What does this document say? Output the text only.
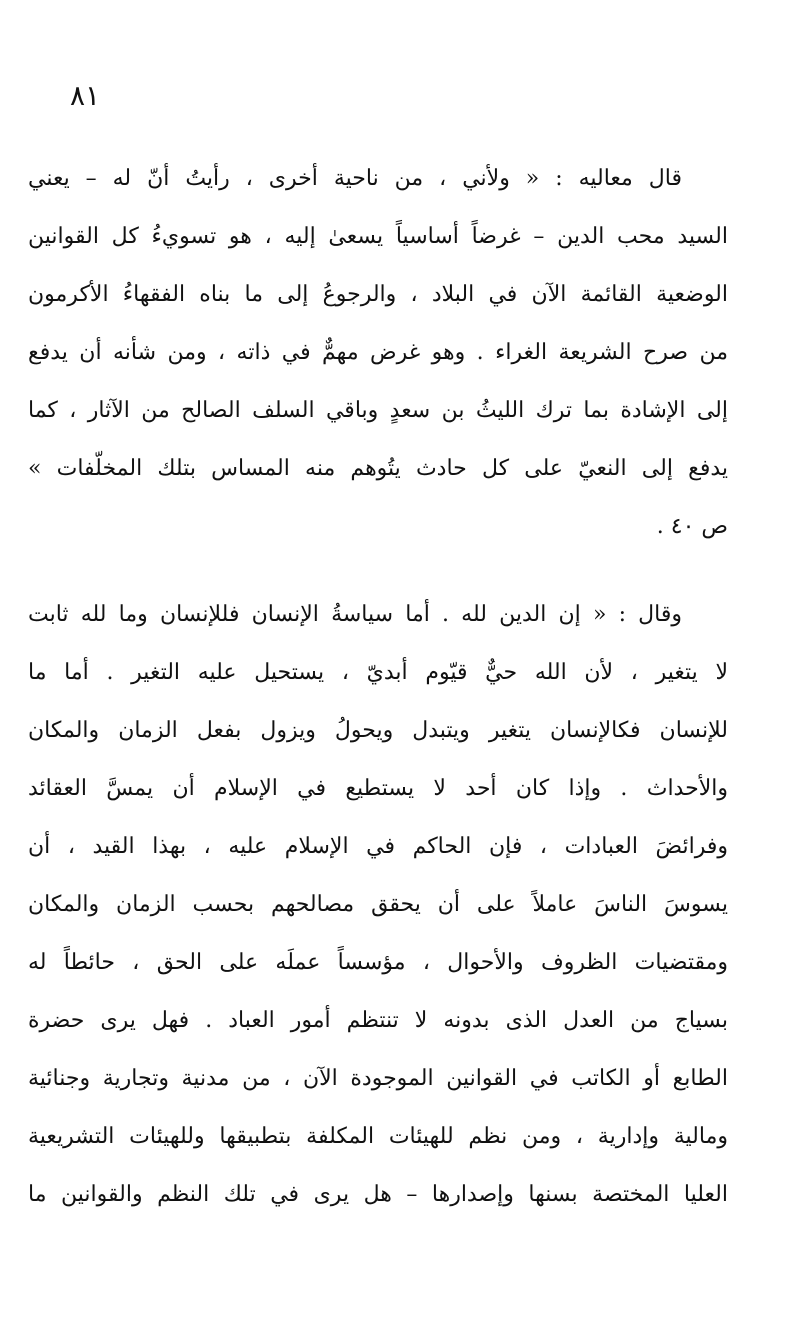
٨١
قال معاليه : « ولأني ، من ناحية أخرى ، رأيتُ أنّ له – يعني
السيد محب الدين – غرضاً أساسياً يسعىٰ إليه ، هو تسويءُ كل القوانين
الوضعية القائمة الآن في البلاد ، والرجوعُ إلى ما بناه الفقهاءُ الأكرمون
من صرح الشريعة الغراء . وهو غرض مهمٌّ في ذاته ، ومن شأنه أن يدفع
إلى الإشادة بما ترك الليثُ بن سعدٍ وباقي السلف الصالح من الآثار ، كما
يدفع إلى النعيّ على كل حادث يتُوهم منه المساس بتلك المخلّفات »
ص ٤٠ .
وقال : « إن الدين لله . أما سياسةُ الإنسان فللإنسان وما لله ثابت
لا يتغير ، لأن الله حيٌّ قيّوم أبديّ ، يستحيل عليه التغير . أما ما
للإنسان فكالإنسان يتغير ويتبدل ويحولُ ويزول بفعل الزمان والمكان
والأحداث . وإذا كان أحد لا يستطيع في الإسلام أن يمسَّ العقائد
وفرائضَ العبادات ، فإن الحاكم في الإسلام عليه ، بهذا القيد ، أن
يسوسَ الناسَ عاملاً على أن يحقق مصالحهم بحسب الزمان والمكان
ومقتضيات الظروف والأحوال ، مؤسساً عملَه على الحق ، حائطاً له
بسياج من العدل الذى بدونه لا تنتظم أمور العباد . فهل يرى حضرة
الطابع أو الكاتب في القوانين الموجودة الآن ، من مدنية وتجارية وجنائية
ومالية وإدارية ، ومن نظم للهيئات المكلفة بتطبيقها وللهيئات التشريعية
العليا المختصة بسنها وإصدارها – هل يرى في تلك النظم والقوانين ما
